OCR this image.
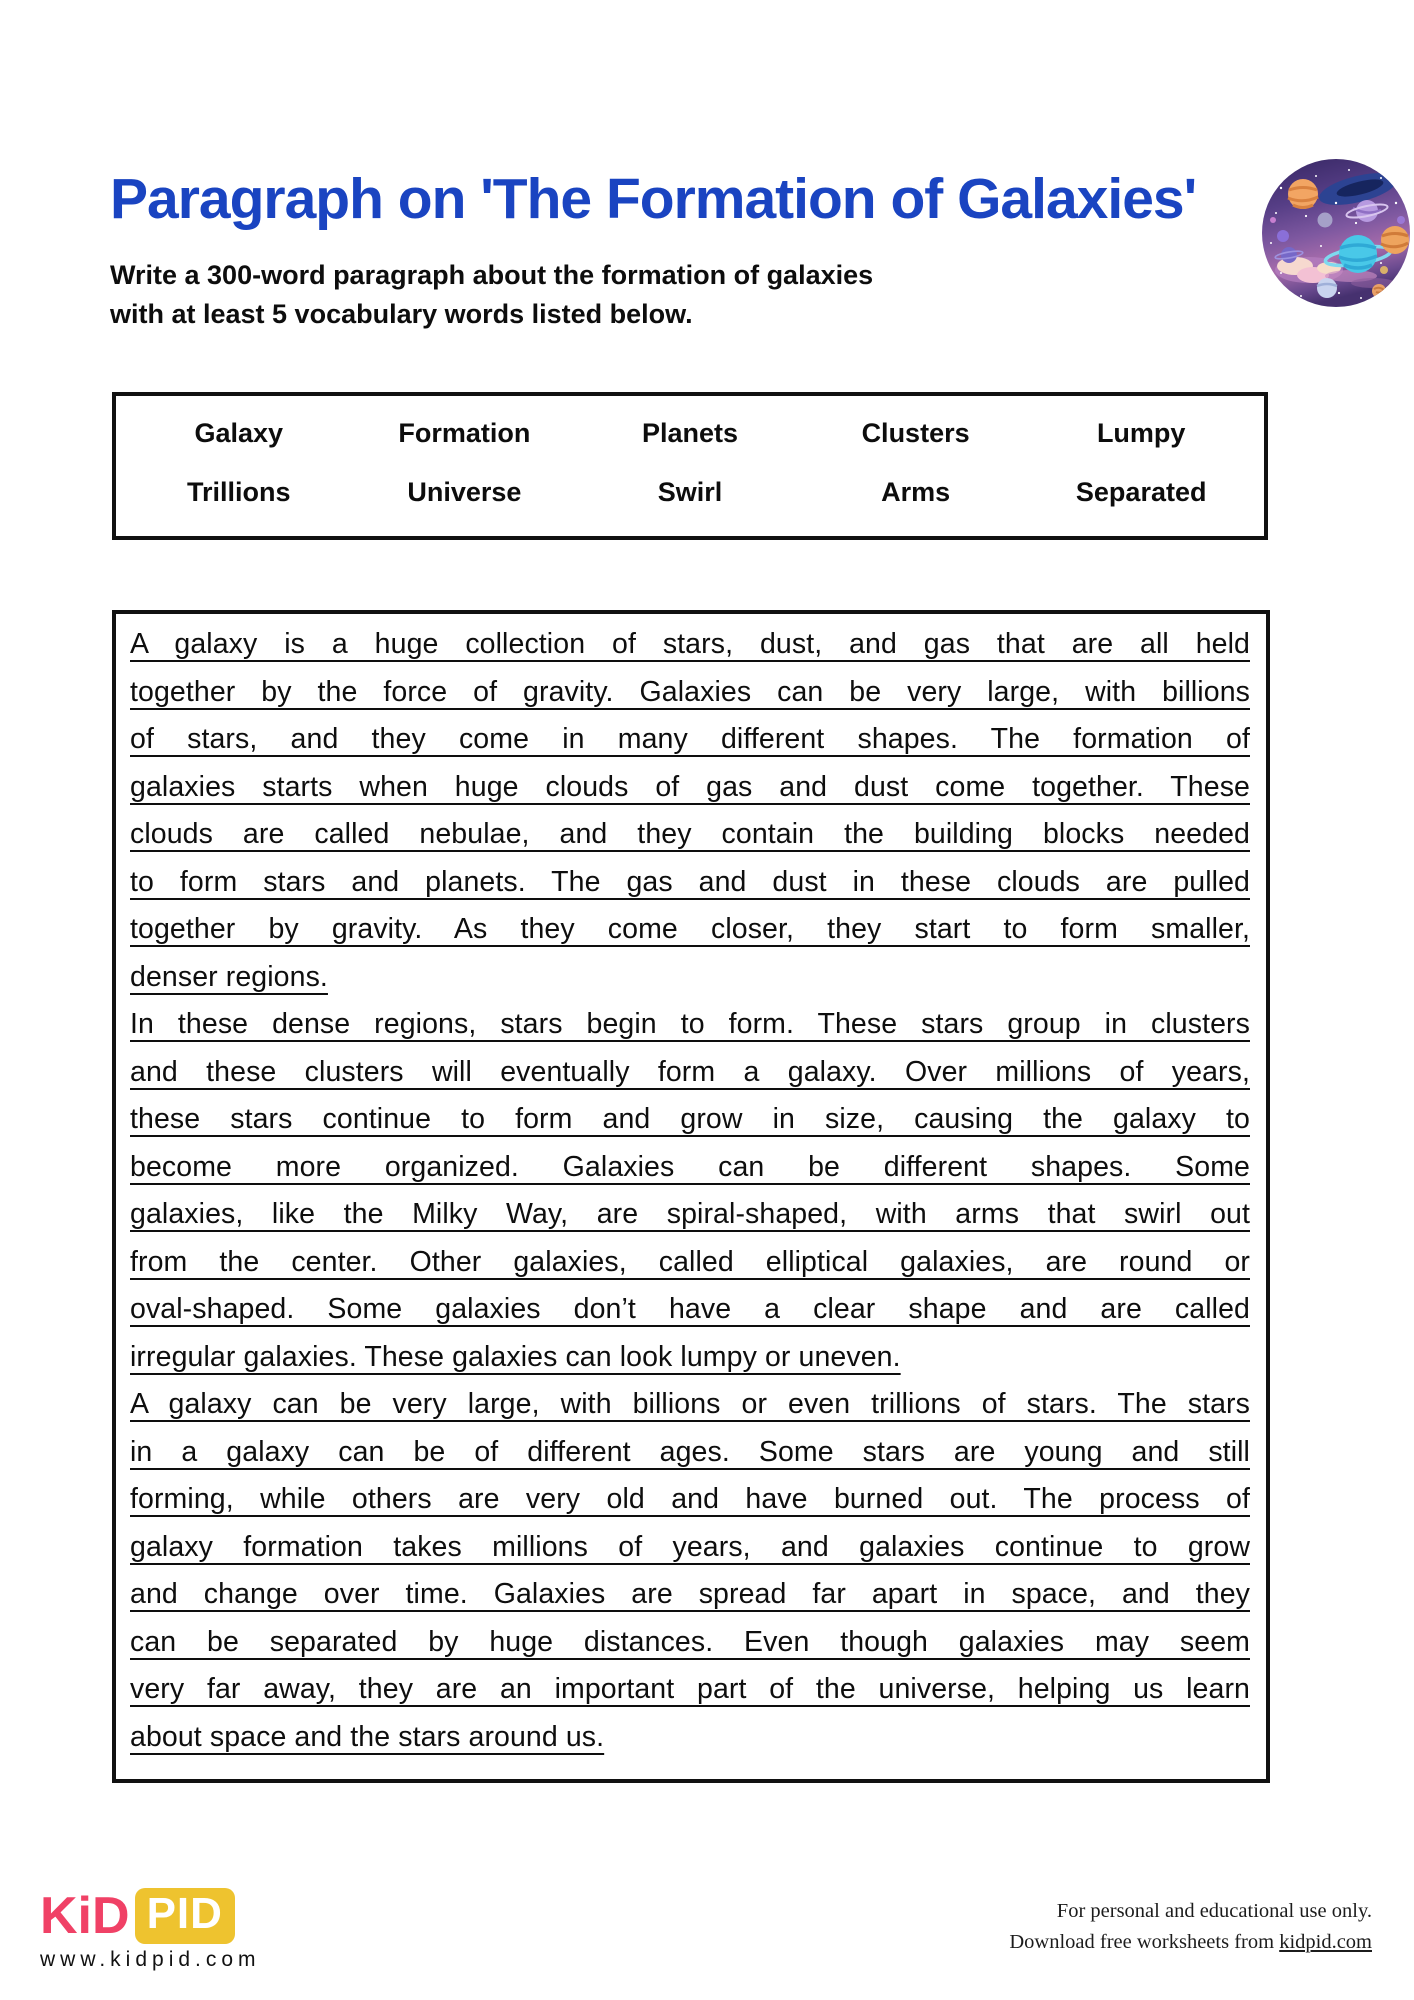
Paragraph on 'The Formation of Galaxies'
Write a 300-word paragraph about the formation of galaxies
with at least 5 vocabulary words listed below.
Galaxy	Formation	Planets	Clusters	Lumpy
Trillions	Universe	Swirl	Arms	Separated
A galaxy is a huge collection of stars, dust, and gas that are all held
together by the force of gravity. Galaxies can be very large, with billions
of stars, and they come in many different shapes. The formation of
galaxies starts when huge clouds of gas and dust come together. These
clouds are called nebulae, and they contain the building blocks needed
to form stars and planets. The gas and dust in these clouds are pulled
together by gravity. As they come closer, they start to form smaller,
denser regions.
In these dense regions, stars begin to form. These stars group in clusters
and these clusters will eventually form a galaxy. Over millions of years,
these stars continue to form and grow in size, causing the galaxy to
become more organized. Galaxies can be different shapes. Some
galaxies, like the Milky Way, are spiral-shaped, with arms that swirl out
from the center. Other galaxies, called elliptical galaxies, are round or
oval-shaped. Some galaxies don’t have a clear shape and are called
irregular galaxies. These galaxies can look lumpy or uneven.
A galaxy can be very large, with billions or even trillions of stars. The stars
in a galaxy can be of different ages. Some stars are young and still
forming, while others are very old and have burned out. The process of
galaxy formation takes millions of years, and galaxies continue to grow
and change over time. Galaxies are spread far apart in space, and they
can be separated by huge distances. Even though galaxies may seem
very far away, they are an important part of the universe, helping us learn
about space and the stars around us.
KiD PID
www.kidpid.com
For personal and educational use only.
Download free worksheets from kidpid.com
